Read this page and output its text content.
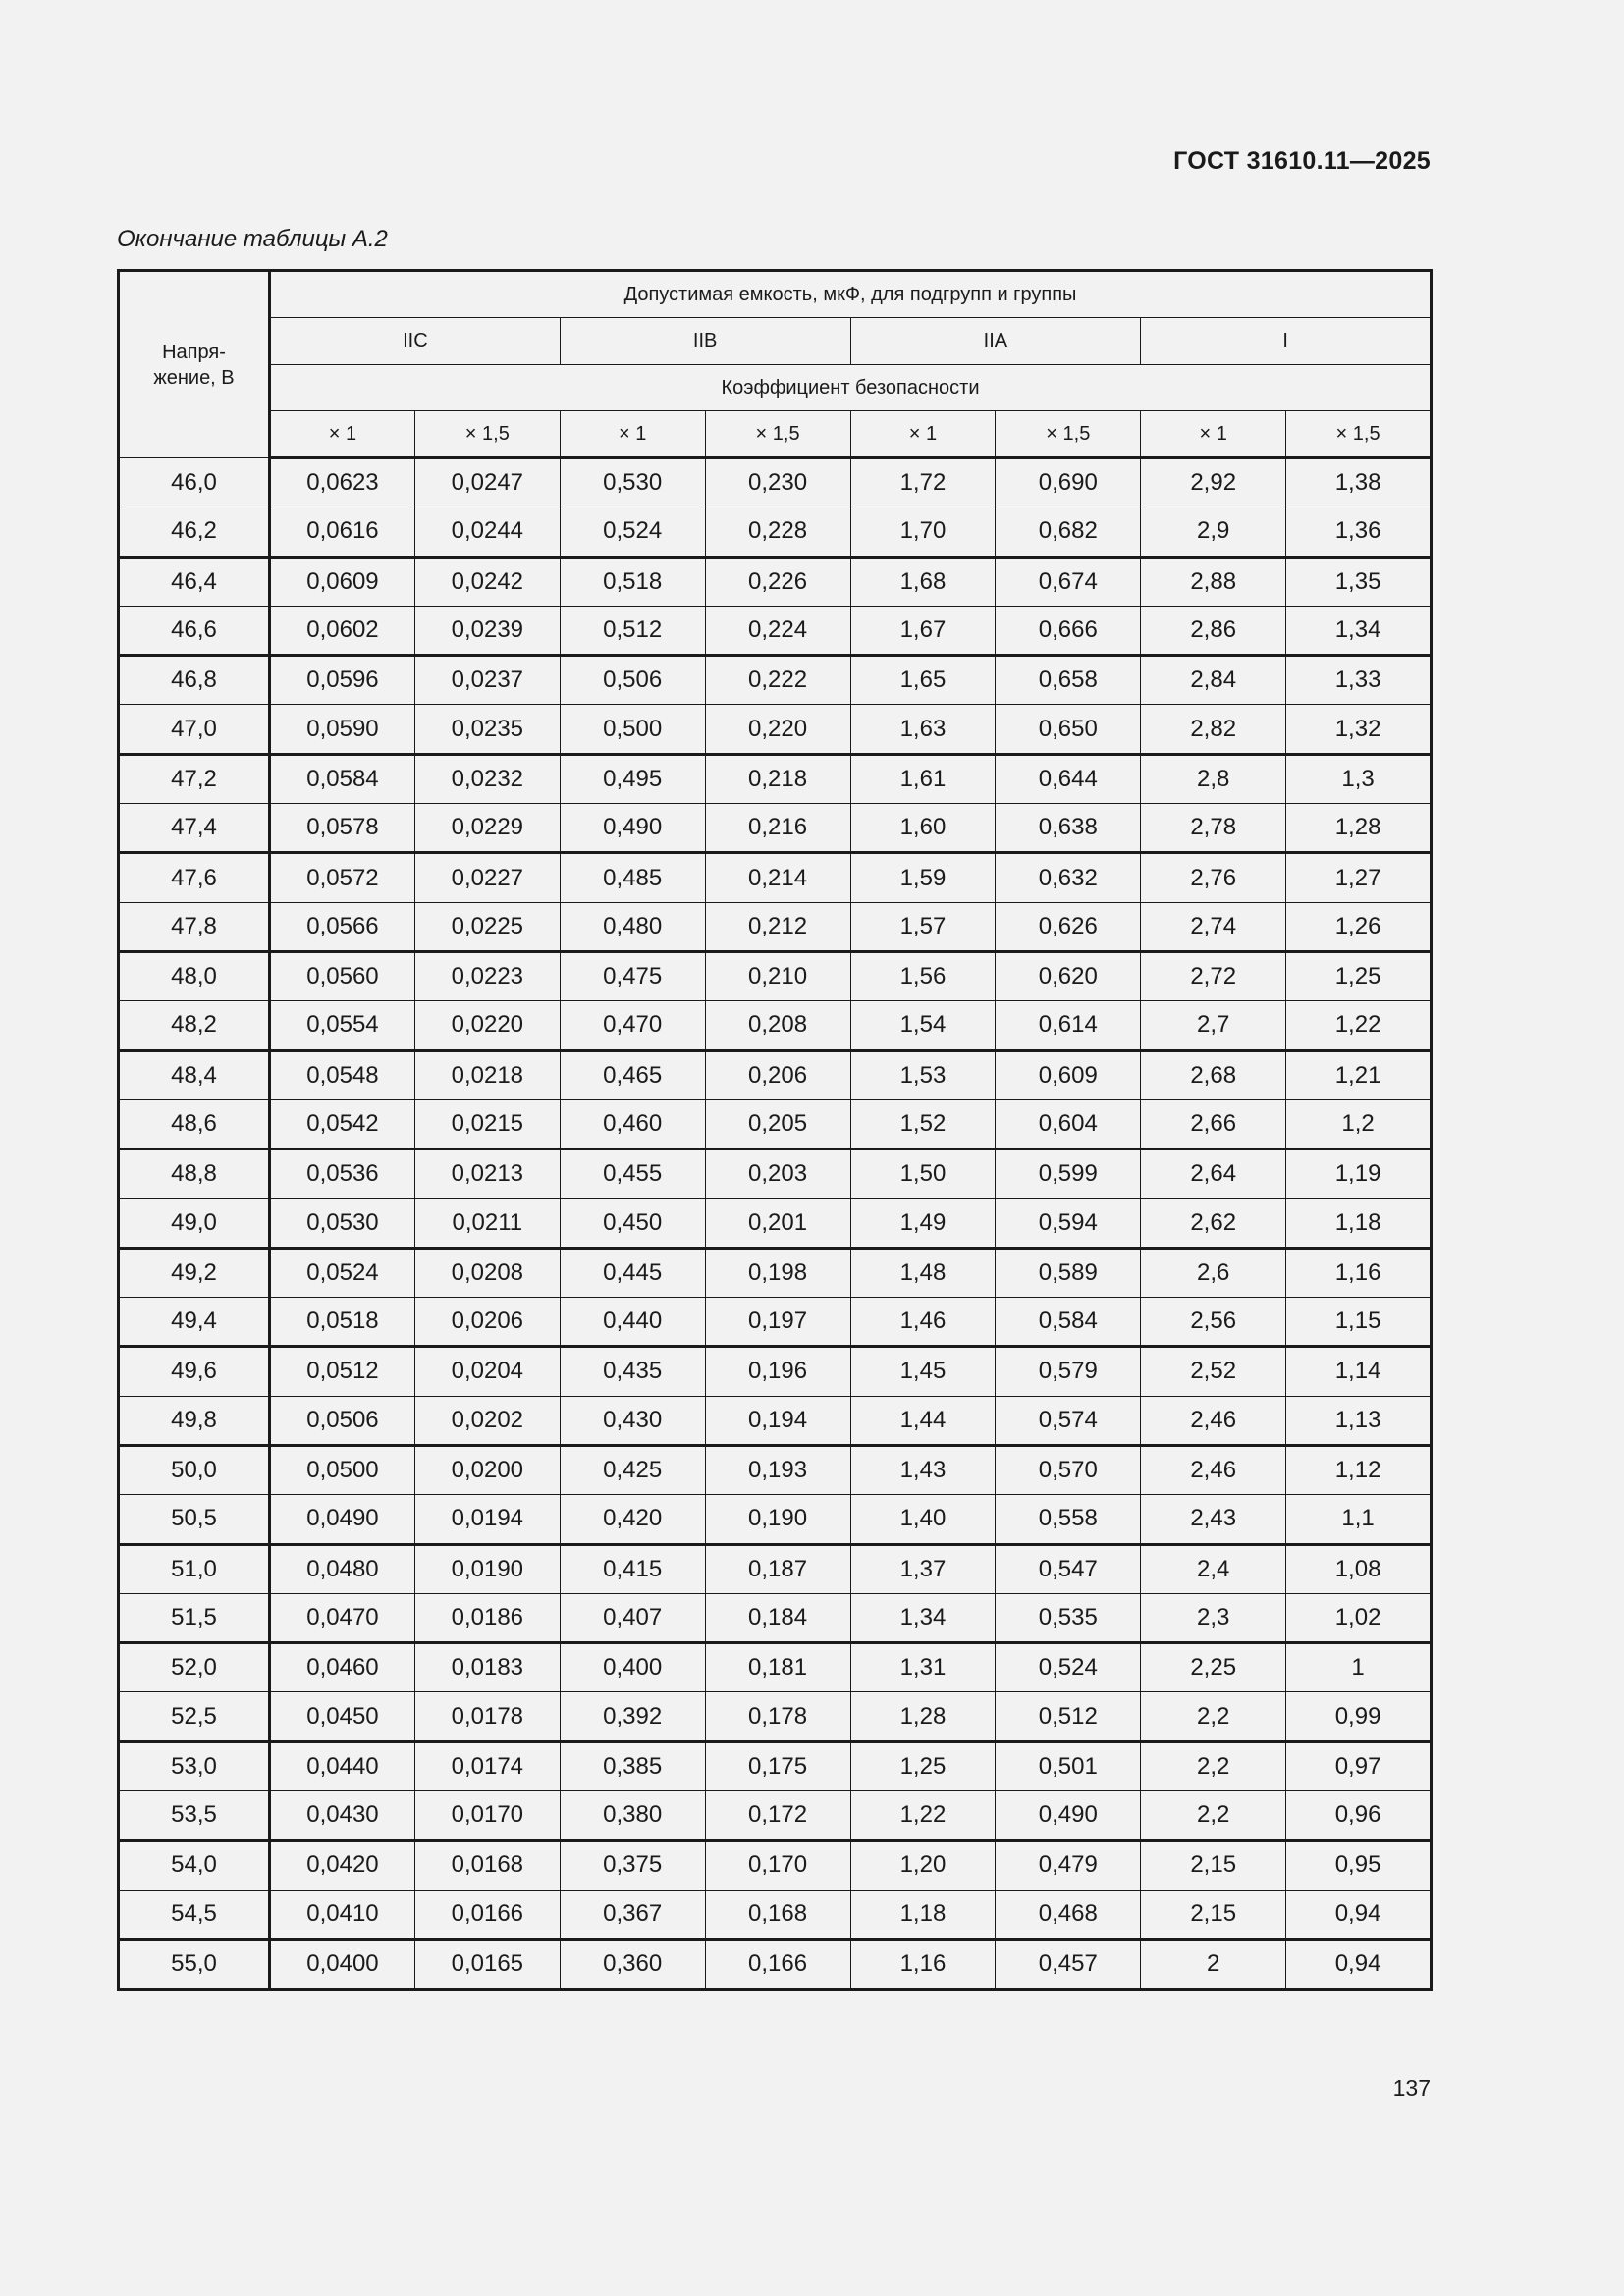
ГОСТ 31610.11—2025
Окончание таблицы А.2
Напря-
жение, В	Допустимая емкость, мкФ, для подгрупп и группы							
	IIC		IIB		IIA		I	
	Коэффициент безопасности							
	× 1	× 1,5	× 1	× 1,5	× 1	× 1,5	× 1	× 1,5
46,0	0,0623	0,0247	0,530	0,230	1,72	0,690	2,92	1,38
46,2	0,0616	0,0244	0,524	0,228	1,70	0,682	2,9	1,36
46,4	0,0609	0,0242	0,518	0,226	1,68	0,674	2,88	1,35
46,6	0,0602	0,0239	0,512	0,224	1,67	0,666	2,86	1,34
46,8	0,0596	0,0237	0,506	0,222	1,65	0,658	2,84	1,33
47,0	0,0590	0,0235	0,500	0,220	1,63	0,650	2,82	1,32
47,2	0,0584	0,0232	0,495	0,218	1,61	0,644	2,8	1,3
47,4	0,0578	0,0229	0,490	0,216	1,60	0,638	2,78	1,28
47,6	0,0572	0,0227	0,485	0,214	1,59	0,632	2,76	1,27
47,8	0,0566	0,0225	0,480	0,212	1,57	0,626	2,74	1,26
48,0	0,0560	0,0223	0,475	0,210	1,56	0,620	2,72	1,25
48,2	0,0554	0,0220	0,470	0,208	1,54	0,614	2,7	1,22
48,4	0,0548	0,0218	0,465	0,206	1,53	0,609	2,68	1,21
48,6	0,0542	0,0215	0,460	0,205	1,52	0,604	2,66	1,2
48,8	0,0536	0,0213	0,455	0,203	1,50	0,599	2,64	1,19
49,0	0,0530	0,0211	0,450	0,201	1,49	0,594	2,62	1,18
49,2	0,0524	0,0208	0,445	0,198	1,48	0,589	2,6	1,16
49,4	0,0518	0,0206	0,440	0,197	1,46	0,584	2,56	1,15
49,6	0,0512	0,0204	0,435	0,196	1,45	0,579	2,52	1,14
49,8	0,0506	0,0202	0,430	0,194	1,44	0,574	2,46	1,13
50,0	0,0500	0,0200	0,425	0,193	1,43	0,570	2,46	1,12
50,5	0,0490	0,0194	0,420	0,190	1,40	0,558	2,43	1,1
51,0	0,0480	0,0190	0,415	0,187	1,37	0,547	2,4	1,08
51,5	0,0470	0,0186	0,407	0,184	1,34	0,535	2,3	1,02
52,0	0,0460	0,0183	0,400	0,181	1,31	0,524	2,25	1
52,5	0,0450	0,0178	0,392	0,178	1,28	0,512	2,2	0,99
53,0	0,0440	0,0174	0,385	0,175	1,25	0,501	2,2	0,97
53,5	0,0430	0,0170	0,380	0,172	1,22	0,490	2,2	0,96
54,0	0,0420	0,0168	0,375	0,170	1,20	0,479	2,15	0,95
54,5	0,0410	0,0166	0,367	0,168	1,18	0,468	2,15	0,94
55,0	0,0400	0,0165	0,360	0,166	1,16	0,457	2	0,94
137
